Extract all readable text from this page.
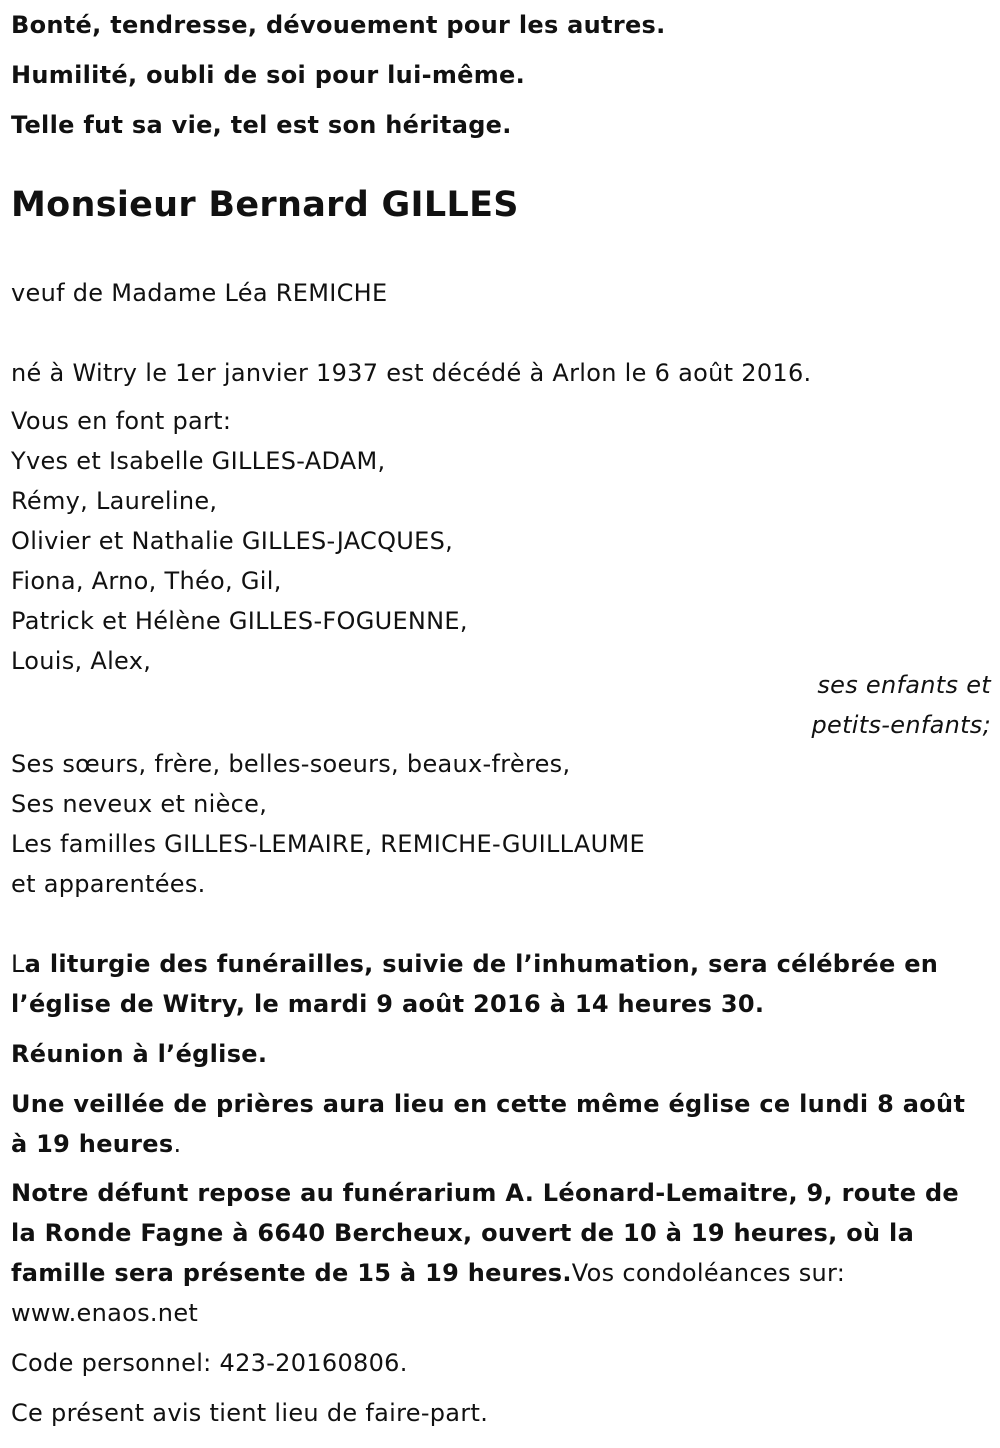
Bonté, tendresse, dévouement pour les autres.
Humilité, oubli de soi pour lui-même.
Telle fut sa vie, tel est son héritage.
Monsieur Bernard GILLES
veuf de Madame Léa REMICHE
né à Witry le 1er janvier 1937 est décédé à Arlon le 6 août 2016.
Vous en font part:
Yves et Isabelle GILLES-ADAM,
Rémy, Laureline,
Olivier et Nathalie GILLES-JACQUES,
Fiona, Arno, Théo, Gil,
Patrick et Hélène GILLES-FOGUENNE,
Louis, Alex,
ses enfants et
petits-enfants;
Ses sœurs, frère, belles-soeurs, beaux-frères,
Ses neveux et nièce,
Les familles GILLES-LEMAIRE, REMICHE-GUILLAUME
et apparentées.
La liturgie des funérailles, suivie de l’inhumation, sera célébrée en
l’église de Witry, le mardi 9 août 2016 à 14 heures 30.
Réunion à l’église.
Une veillée de prières aura lieu en cette même église ce lundi 8 août
à 19 heures.
Notre défunt repose au funérarium A. Léonard-Lemaitre, 9, route de
la Ronde Fagne à 6640 Bercheux, ouvert de 10 à 19 heures, où la
famille sera présente de 15 à 19 heures.Vos condoléances sur:
www.enaos.net
Code personnel: 423-20160806.
Ce présent avis tient lieu de faire-part.
